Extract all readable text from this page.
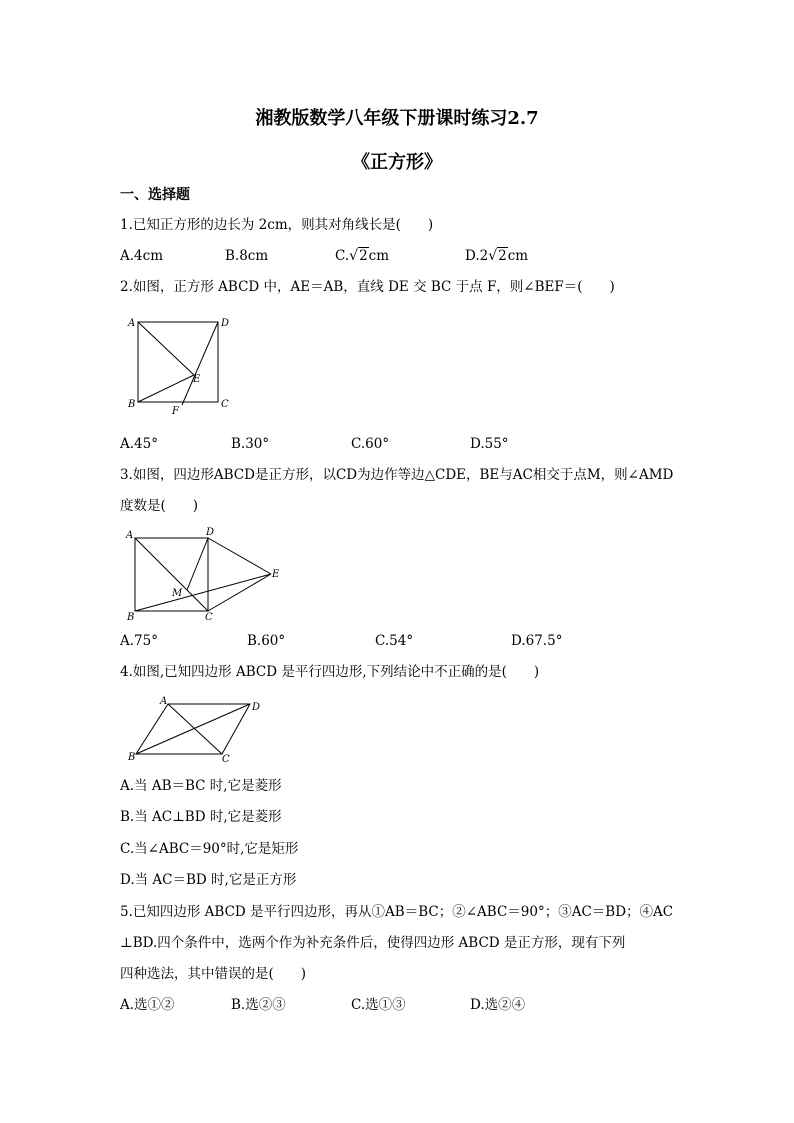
湘教版数学八年级下册课时练习2.7
《正方形》
一、选择题
1.已知正方形的边长为 2cm，则其对角线长是(　　)
A.4cm	B.8cm	C.√2cm	D.2√2cm
2.如图，正方形 ABCD 中，AE＝AB，直线 DE 交 BC 于点 F，则∠BEF＝(　　)
A	D
E
B	C
F
A.45°	B.30°	C.60°	D.55°
3.如图，四边形ABCD是正方形，以CD为边作等边△CDE，BE与AC相交于点M，则∠AMD
度数是(　　)
A	D
E
M
B	C
A.75°	B.60°	C.54°	D.67.5°
4.如图,已知四边形 ABCD 是平行四边形,下列结论中不正确的是(　　)
A
D
B	C
A.当 AB＝BC 时,它是菱形
B.当 AC⊥BD 时,它是菱形
C.当∠ABC＝90°时,它是矩形
D.当 AC＝BD 时,它是正方形
5.已知四边形 ABCD 是平行四边形，再从①AB＝BC；②∠ABC＝90°；③AC＝BD；④AC
⊥BD.四个条件中，选两个作为补充条件后，使得四边形 ABCD 是正方形，现有下列
四种选法，其中错误的是(　　)
A.选①②	B.选②③	C.选①③	D.选②④
